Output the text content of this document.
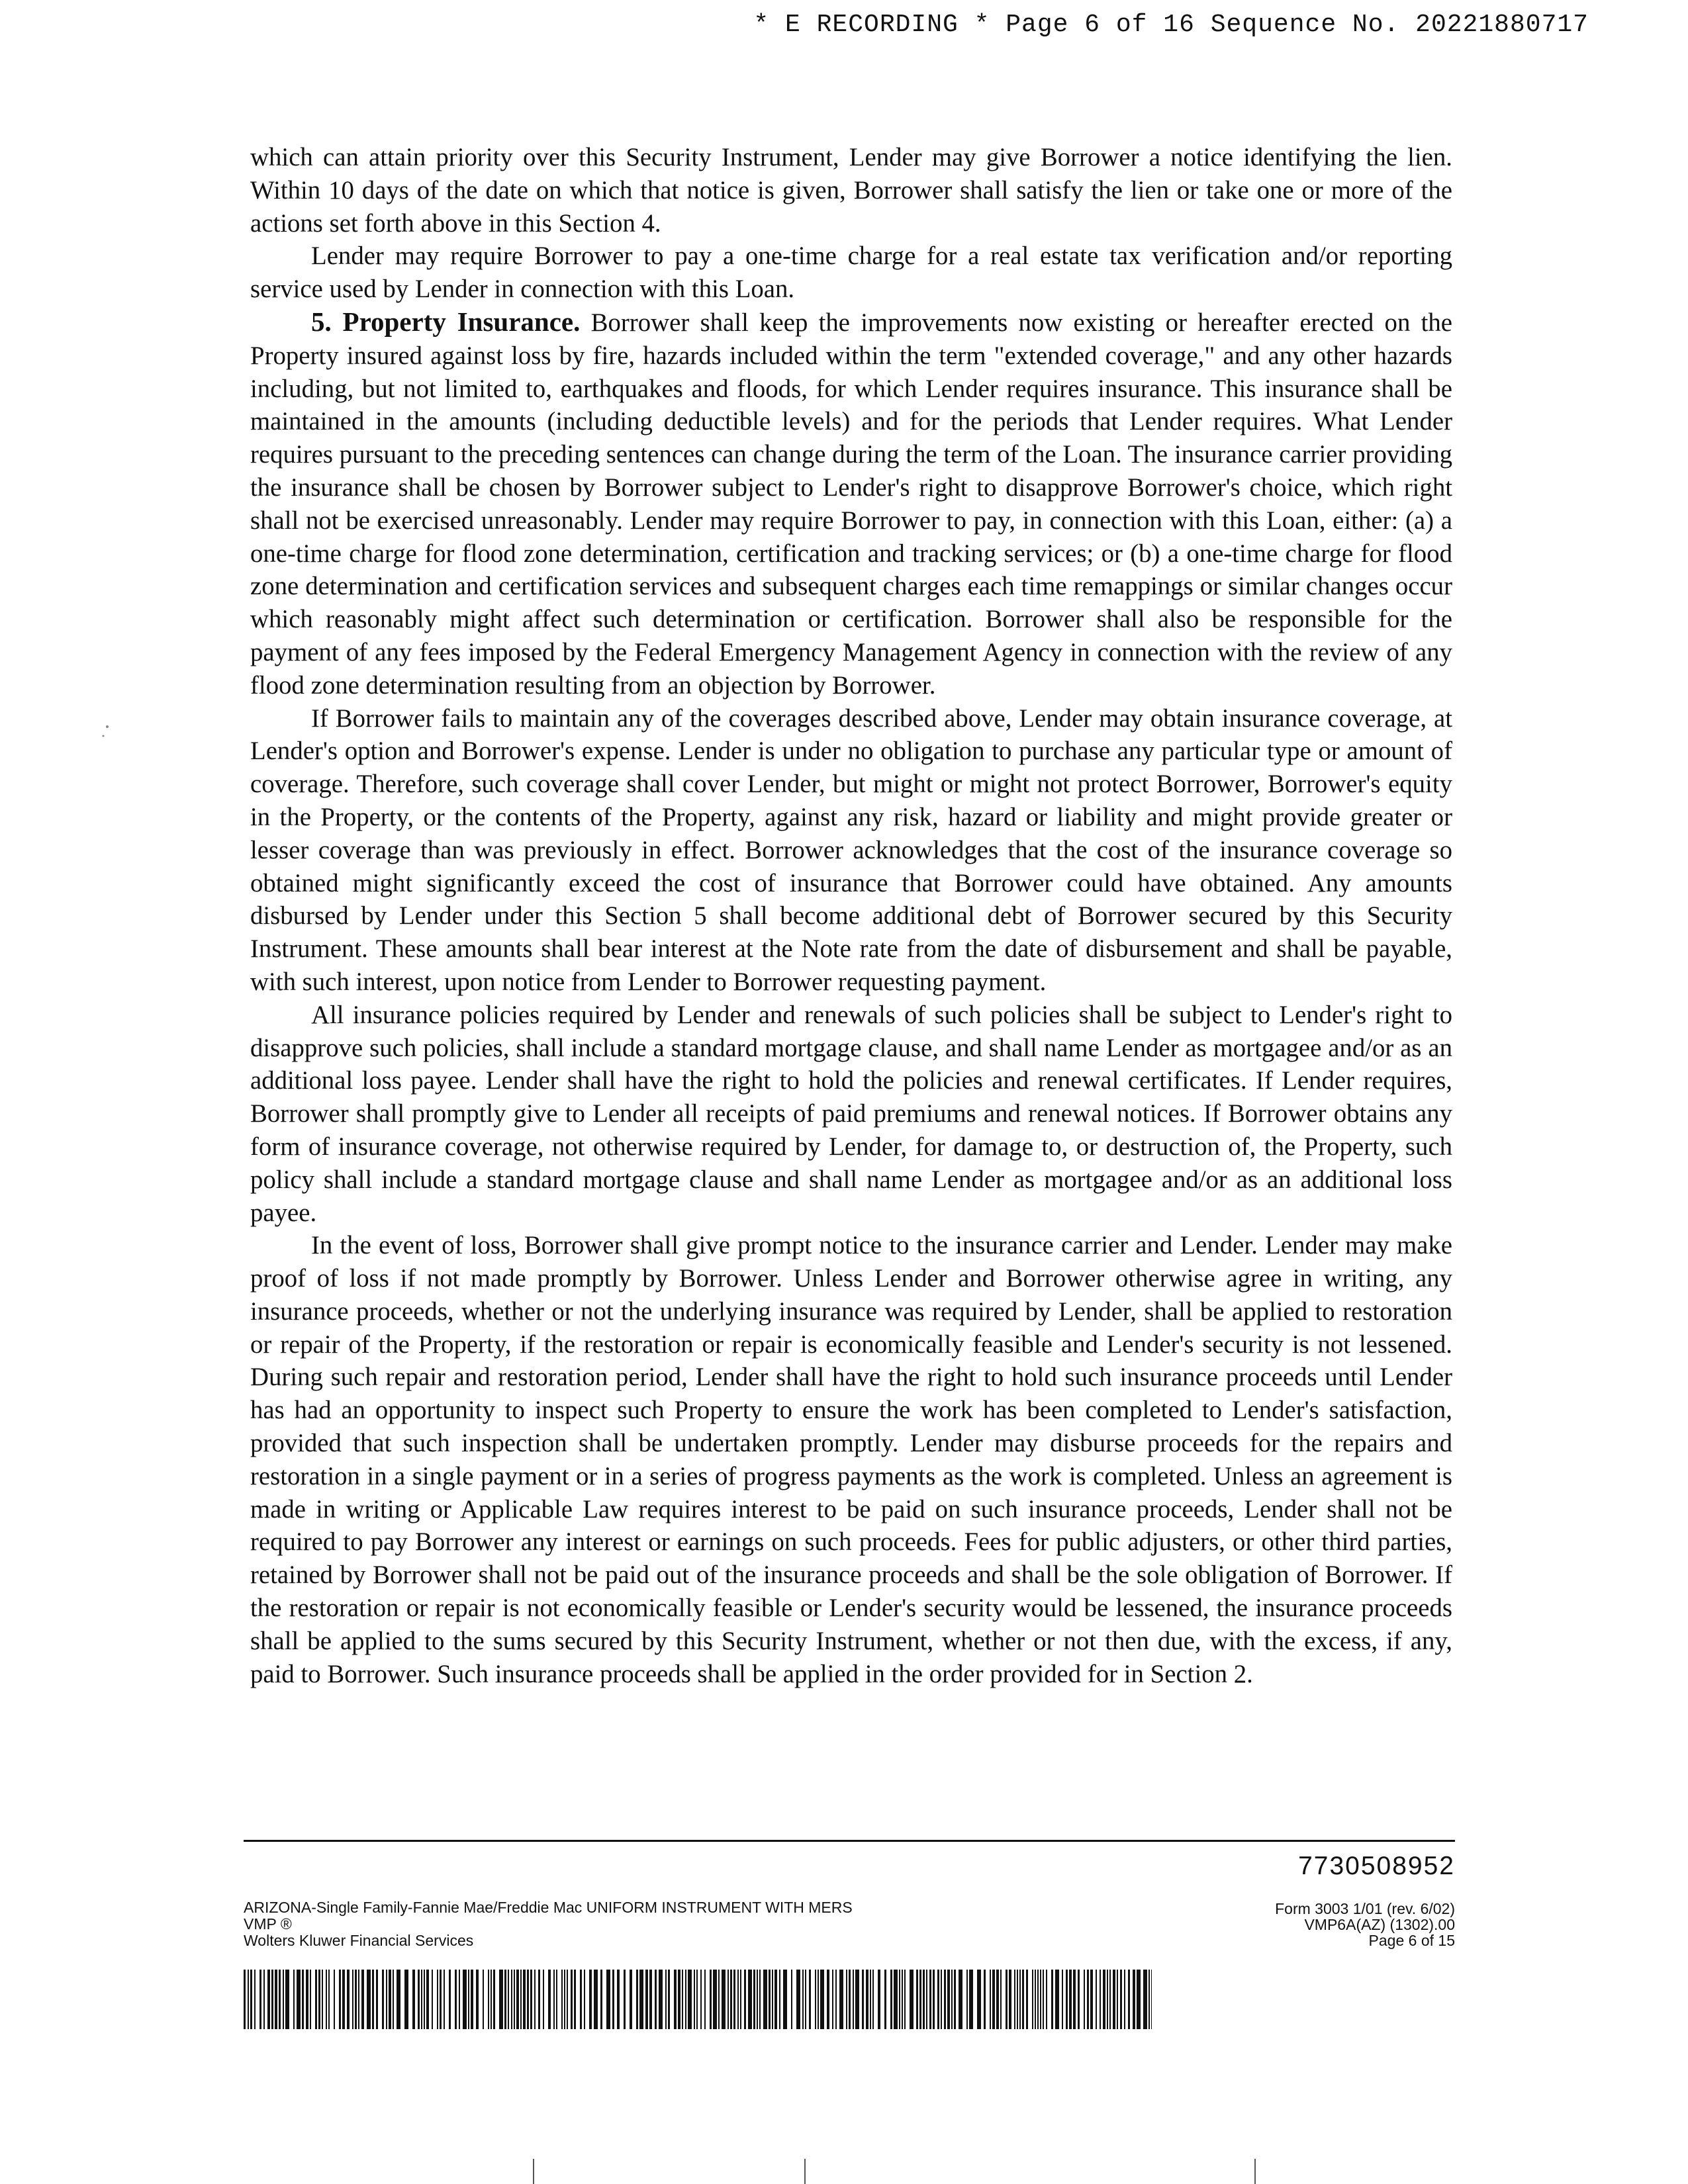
* E RECORDING * Page 6 of 16 Sequence No. 20221880717

which can attain priority over this Security Instrument, Lender may give Borrower a notice identifying the lien. Within 10 days of the date on which that notice is given, Borrower shall satisfy the lien or take one or more of the actions set forth above in this Section 4.

Lender may require Borrower to pay a one-time charge for a real estate tax verification and/or reporting service used by Lender in connection with this Loan.

5. Property Insurance. Borrower shall keep the improvements now existing or hereafter erected on the Property insured against loss by fire, hazards included within the term "extended coverage," and any other hazards including, but not limited to, earthquakes and floods, for which Lender requires insurance. This insurance shall be maintained in the amounts (including deductible levels) and for the periods that Lender requires. What Lender requires pursuant to the preceding sentences can change during the term of the Loan. The insurance carrier providing the insurance shall be chosen by Borrower subject to Lender's right to disapprove Borrower's choice, which right shall not be exercised unreasonably. Lender may require Borrower to pay, in connection with this Loan, either: (a) a one-time charge for flood zone determination, certification and tracking services; or (b) a one-time charge for flood zone determination and certification services and subsequent charges each time remappings or similar changes occur which reasonably might affect such determination or certification. Borrower shall also be responsible for the payment of any fees imposed by the Federal Emergency Management Agency in connection with the review of any flood zone determination resulting from an objection by Borrower.

If Borrower fails to maintain any of the coverages described above, Lender may obtain insurance coverage, at Lender's option and Borrower's expense. Lender is under no obligation to purchase any particular type or amount of coverage. Therefore, such coverage shall cover Lender, but might or might not protect Borrower, Borrower's equity in the Property, or the contents of the Property, against any risk, hazard or liability and might provide greater or lesser coverage than was previously in effect. Borrower acknowledges that the cost of the insurance coverage so obtained might significantly exceed the cost of insurance that Borrower could have obtained. Any amounts disbursed by Lender under this Section 5 shall become additional debt of Borrower secured by this Security Instrument. These amounts shall bear interest at the Note rate from the date of disbursement and shall be payable, with such interest, upon notice from Lender to Borrower requesting payment.

All insurance policies required by Lender and renewals of such policies shall be subject to Lender's right to disapprove such policies, shall include a standard mortgage clause, and shall name Lender as mortgagee and/or as an additional loss payee. Lender shall have the right to hold the policies and renewal certificates. If Lender requires, Borrower shall promptly give to Lender all receipts of paid premiums and renewal notices. If Borrower obtains any form of insurance coverage, not otherwise required by Lender, for damage to, or destruction of, the Property, such policy shall include a standard mortgage clause and shall name Lender as mortgagee and/or as an additional loss payee.

In the event of loss, Borrower shall give prompt notice to the insurance carrier and Lender. Lender may make proof of loss if not made promptly by Borrower. Unless Lender and Borrower otherwise agree in writing, any insurance proceeds, whether or not the underlying insurance was required by Lender, shall be applied to restoration or repair of the Property, if the restoration or repair is economically feasible and Lender's security is not lessened. During such repair and restoration period, Lender shall have the right to hold such insurance proceeds until Lender has had an opportunity to inspect such Property to ensure the work has been completed to Lender's satisfaction, provided that such inspection shall be undertaken promptly. Lender may disburse proceeds for the repairs and restoration in a single payment or in a series of progress payments as the work is completed. Unless an agreement is made in writing or Applicable Law requires interest to be paid on such insurance proceeds, Lender shall not be required to pay Borrower any interest or earnings on such proceeds. Fees for public adjusters, or other third parties, retained by Borrower shall not be paid out of the insurance proceeds and shall be the sole obligation of Borrower. If the restoration or repair is not economically feasible or Lender's security would be lessened, the insurance proceeds shall be applied to the sums secured by this Security Instrument, whether or not then due, with the excess, if any, paid to Borrower. Such insurance proceeds shall be applied in the order provided for in Section 2.

7730508952
ARIZONA-Single Family-Fannie Mae/Freddie Mac UNIFORM INSTRUMENT WITH MERS
VMP ®
Wolters Kluwer Financial Services
Form 3003 1/01 (rev. 6/02)
VMP6A(AZ) (1302).00
Page 6 of 15
